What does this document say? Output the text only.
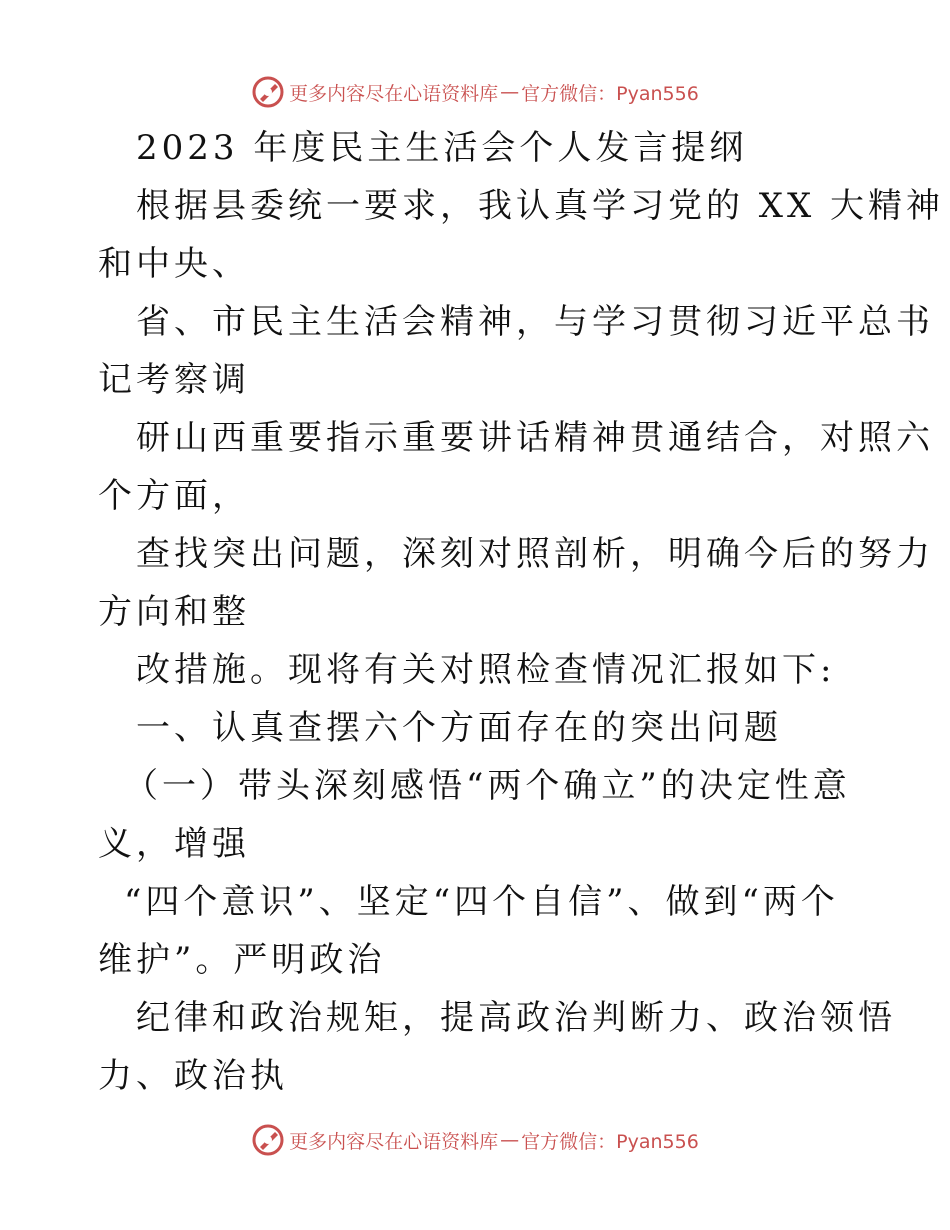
更多内容尽在心语资料库 — 官方微信：Pyan556
2023 年度民主生活会个人发言提纲
根据县委统一要求，我认真学习党的 XX 大精神
和中央、
省、市民主生活会精神，与学习贯彻习近平总书
记考察调
研山西重要指示重要讲话精神贯通结合，对照六
个方面，
查找突出问题，深刻对照剖析，明确今后的努力
方向和整
改措施。现将有关对照检查情况汇报如下:
一、认真查摆六个方面存在的突出问题
（一）带头深刻感悟“两个确立”的决定性意
义，增强
“四个意识”、坚定“四个自信”、做到“两个
维护”。严明政治
纪律和政治规矩，提高政治判断力、政治领悟
力、政治执
更多内容尽在心语资料库 — 官方微信：Pyan556
